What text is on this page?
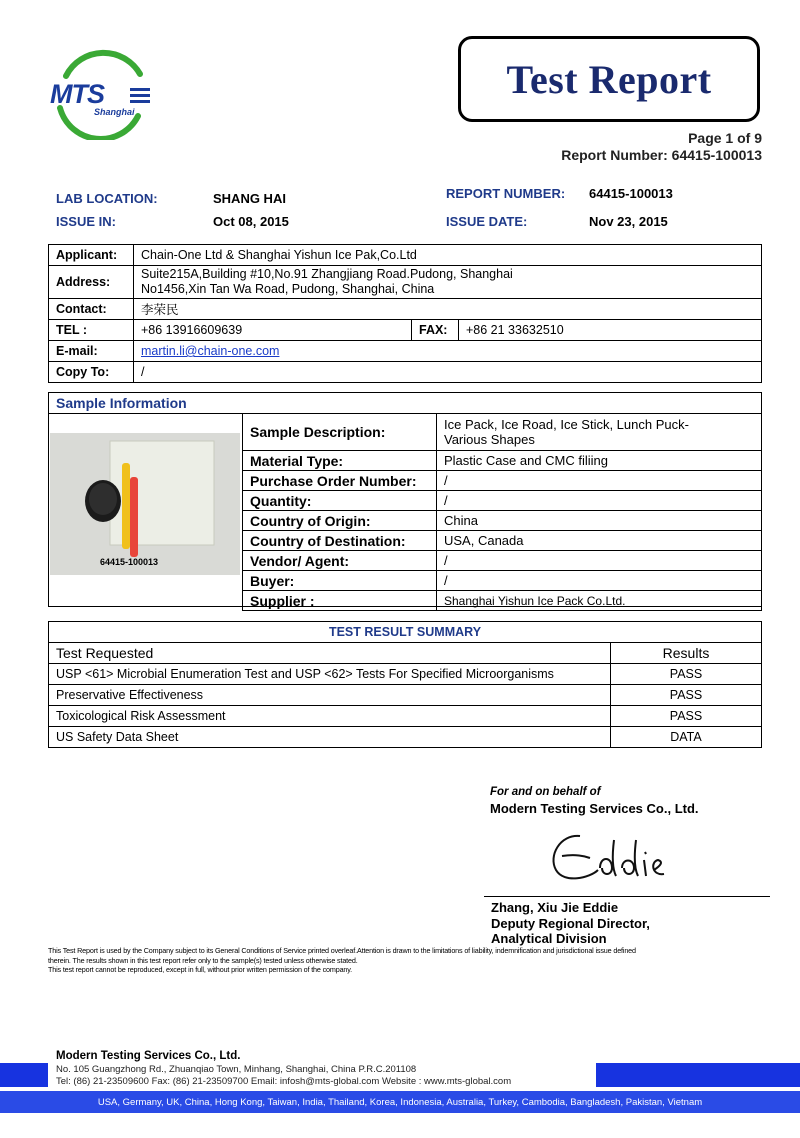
MTS
Shanghai
Test Report
Page 1 of 9
Report Number: 64415-100013
LAB LOCATION:	SHANG HAI
ISSUE IN:	Oct 08, 2015
REPORT NUMBER: 64415-100013
ISSUE DATE:	Nov 23, 2015
Applicant:	Chain-One Ltd & Shanghai Yishun Ice Pak,Co.Ltd		
Address:	Suite215A,Building #10,No.91 Zhangjiang Road.Pudong, Shanghai
No1456,Xin Tan Wa Road, Pudong, Shanghai, China		

Contact:	李荣民		
TEL :	+86 13916609639	FAX:	+86 21 33632510
E-mail:	martin.li@chain-one.com		
Copy To:	/		
Sample Information
64415-100013
Sample Description:	Ice Pack, Ice Road, Ice Stick, Lunch Puck-
Various Shapes

Material Type:	Plastic Case and CMC filiing
Purchase Order Number:	/
Quantity:	/
Country of Origin:	China
Country of Destination:	USA, Canada
Vendor/ Agent:	/
Buyer:	/
Supplier :	Shanghai Yishun Ice Pack Co.Ltd.
TEST RESULT SUMMARY	
Test Requested	Results
USP <61> Microbial Enumeration Test and USP <62> Tests For Specified Microorganisms	PASS
Preservative Effectiveness	PASS
Toxicological Risk Assessment	PASS
US Safety Data Sheet	DATA
For and on behalf of
Modern Testing Services Co., Ltd.
Zhang, Xiu Jie Eddie
Deputy Regional Director,
Analytical Division
This Test Report is used by the Company subject to its General Conditions of Service printed overleaf.Attention is drawn to the limitations of liability, indemnification and jurisdictional issue defined
therein. The results shown in this test report refer only to the sample(s) tested unless otherwise stated.
This test report cannot be reproduced, except in full, without prior written permission of the company.
Modern Testing Services Co., Ltd.
No. 105 Guangzhong Rd., Zhuanqiao Town, Minhang, Shanghai, China P.R.C.201108
Tel: (86) 21-23509600 Fax: (86) 21-23509700 Email: infosh@mts-global.com Website : www.mts-global.com
USA, Germany, UK, China, Hong Kong, Taiwan, India, Thailand, Korea, Indonesia, Australia, Turkey, Cambodia, Bangladesh, Pakistan, Vietnam
